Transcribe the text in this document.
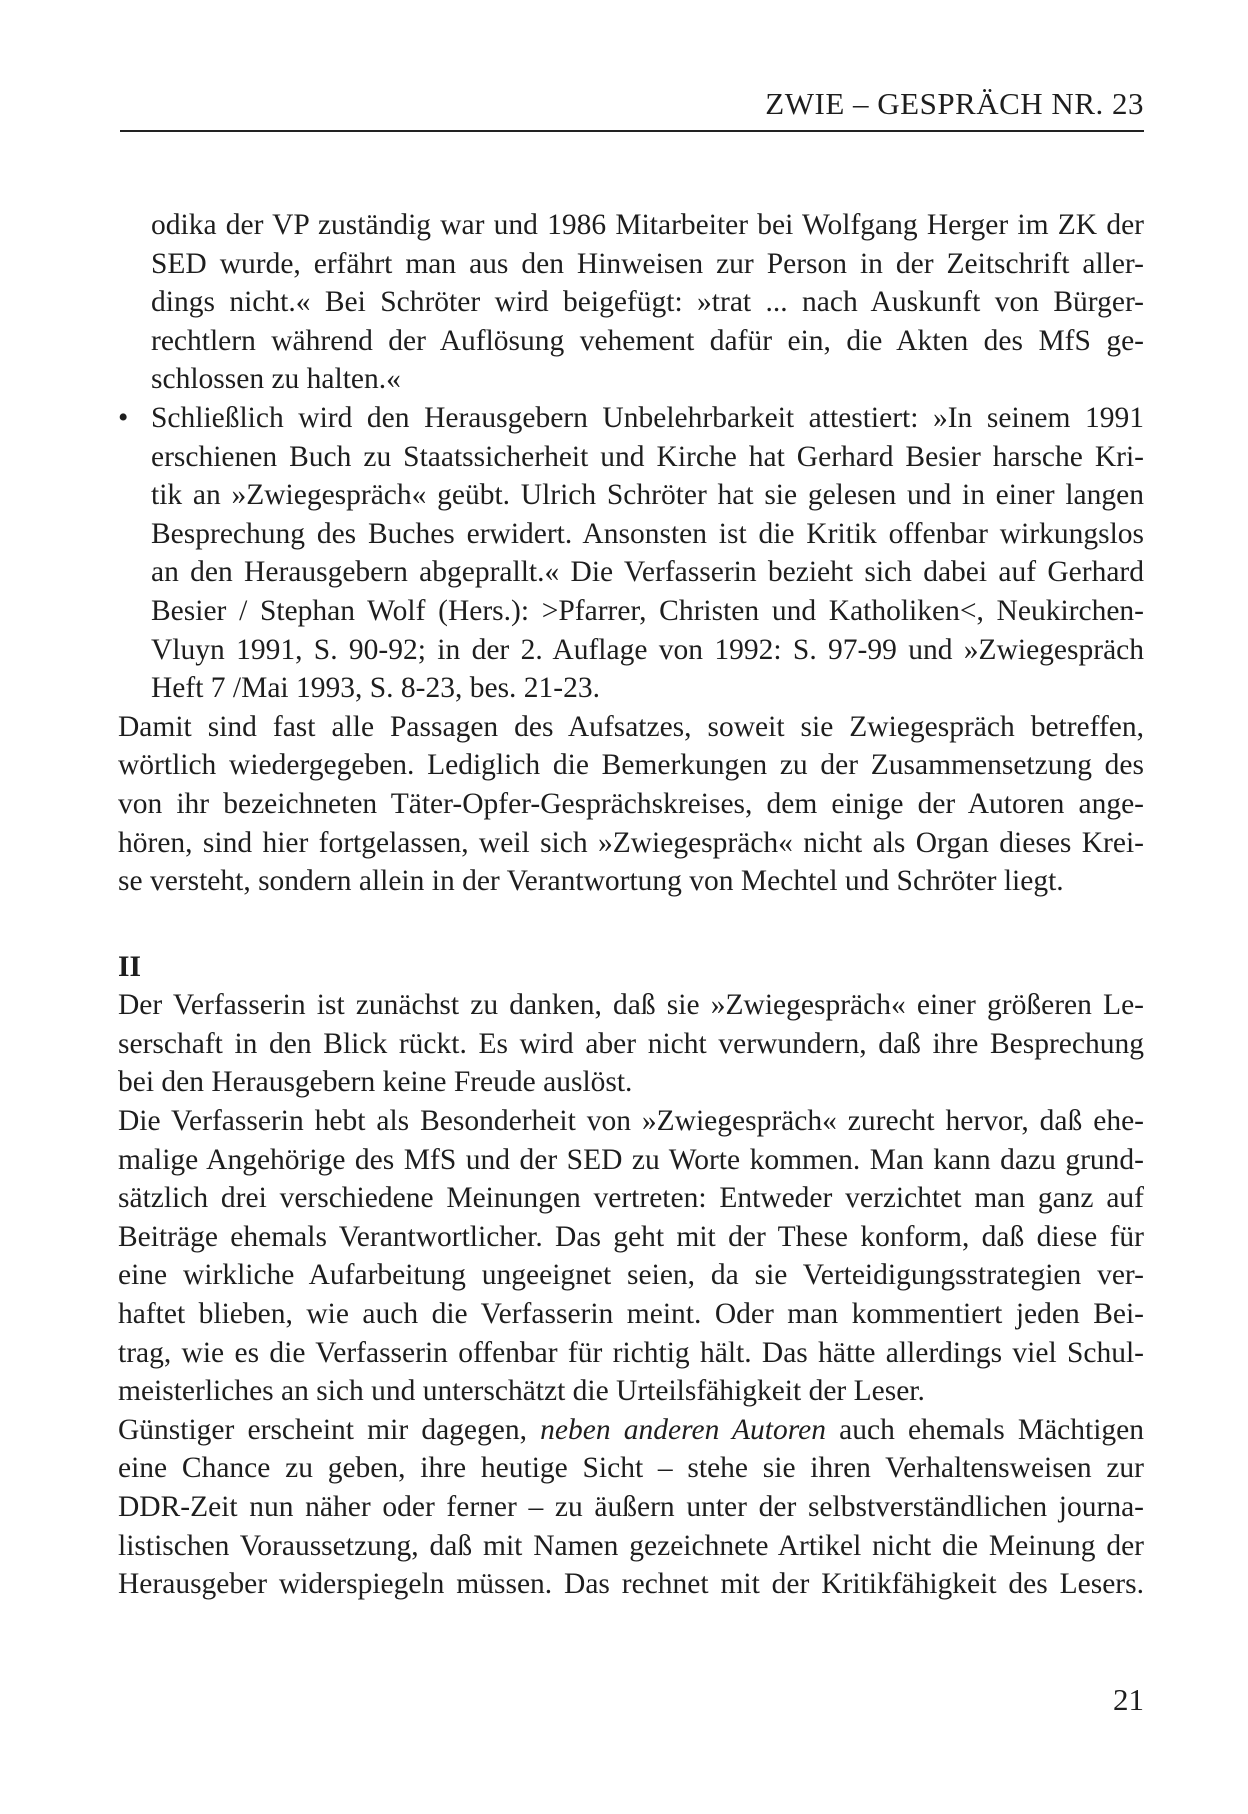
ZWIE – GESPRÄCH NR. 23
odika der VP zuständig war und 1986 Mitarbeiter bei Wolfgang Herger im ZK der
SED wurde, erfährt man aus den Hinweisen zur Person in der Zeitschrift aller-
dings nicht.« Bei Schröter wird beigefügt: »trat ... nach Auskunft von Bürger-
rechtlern während der Auflösung vehement dafür ein, die Akten des MfS ge-
schlossen zu halten.«
• Schließlich wird den Herausgebern Unbelehrbarkeit attestiert: »In seinem 1991
erschienen Buch zu Staatssicherheit und Kirche hat Gerhard Besier harsche Kri-
tik an »Zwiegespräch« geübt. Ulrich Schröter hat sie gelesen und in einer langen
Besprechung des Buches erwidert. Ansonsten ist die Kritik offenbar wirkungslos
an den Herausgebern abgeprallt.« Die Verfasserin bezieht sich dabei auf Gerhard
Besier / Stephan Wolf (Hers.): >Pfarrer, Christen und Katholiken<, Neukirchen-
Vluyn 1991, S. 90-92; in der 2. Auflage von 1992: S. 97-99 und »Zwiegespräch
Heft 7 /Mai 1993, S. 8-23, bes. 21-23.
Damit sind fast alle Passagen des Aufsatzes, soweit sie Zwiegespräch betreffen,
wörtlich wiedergegeben. Lediglich die Bemerkungen zu der Zusammensetzung des
von ihr bezeichneten Täter-Opfer-Gesprächskreises, dem einige der Autoren ange-
hören, sind hier fortgelassen, weil sich »Zwiegespräch« nicht als Organ dieses Krei-
se versteht, sondern allein in der Verantwortung von Mechtel und Schröter liegt.
II
Der Verfasserin ist zunächst zu danken, daß sie »Zwiegespräch« einer größeren Le-
serschaft in den Blick rückt. Es wird aber nicht verwundern, daß ihre Besprechung
bei den Herausgebern keine Freude auslöst.
Die Verfasserin hebt als Besonderheit von »Zwiegespräch« zurecht hervor, daß ehe-
malige Angehörige des MfS und der SED zu Worte kommen. Man kann dazu grund-
sätzlich drei verschiedene Meinungen vertreten: Entweder verzichtet man ganz auf
Beiträge ehemals Verantwortlicher. Das geht mit der These konform, daß diese für
eine wirkliche Aufarbeitung ungeeignet seien, da sie Verteidigungsstrategien ver-
haftet blieben, wie auch die Verfasserin meint. Oder man kommentiert jeden Bei-
trag, wie es die Verfasserin offenbar für richtig hält. Das hätte allerdings viel Schul-
meisterliches an sich und unterschätzt die Urteilsfähigkeit der Leser.
Günstiger erscheint mir dagegen, neben anderen Autoren auch ehemals Mächtigen
eine Chance zu geben, ihre heutige Sicht – stehe sie ihren Verhaltensweisen zur
DDR-Zeit nun näher oder ferner – zu äußern unter der selbstverständlichen journa-
listischen Voraussetzung, daß mit Namen gezeichnete Artikel nicht die Meinung der
Herausgeber widerspiegeln müssen. Das rechnet mit der Kritikfähigkeit des Lesers.
21
